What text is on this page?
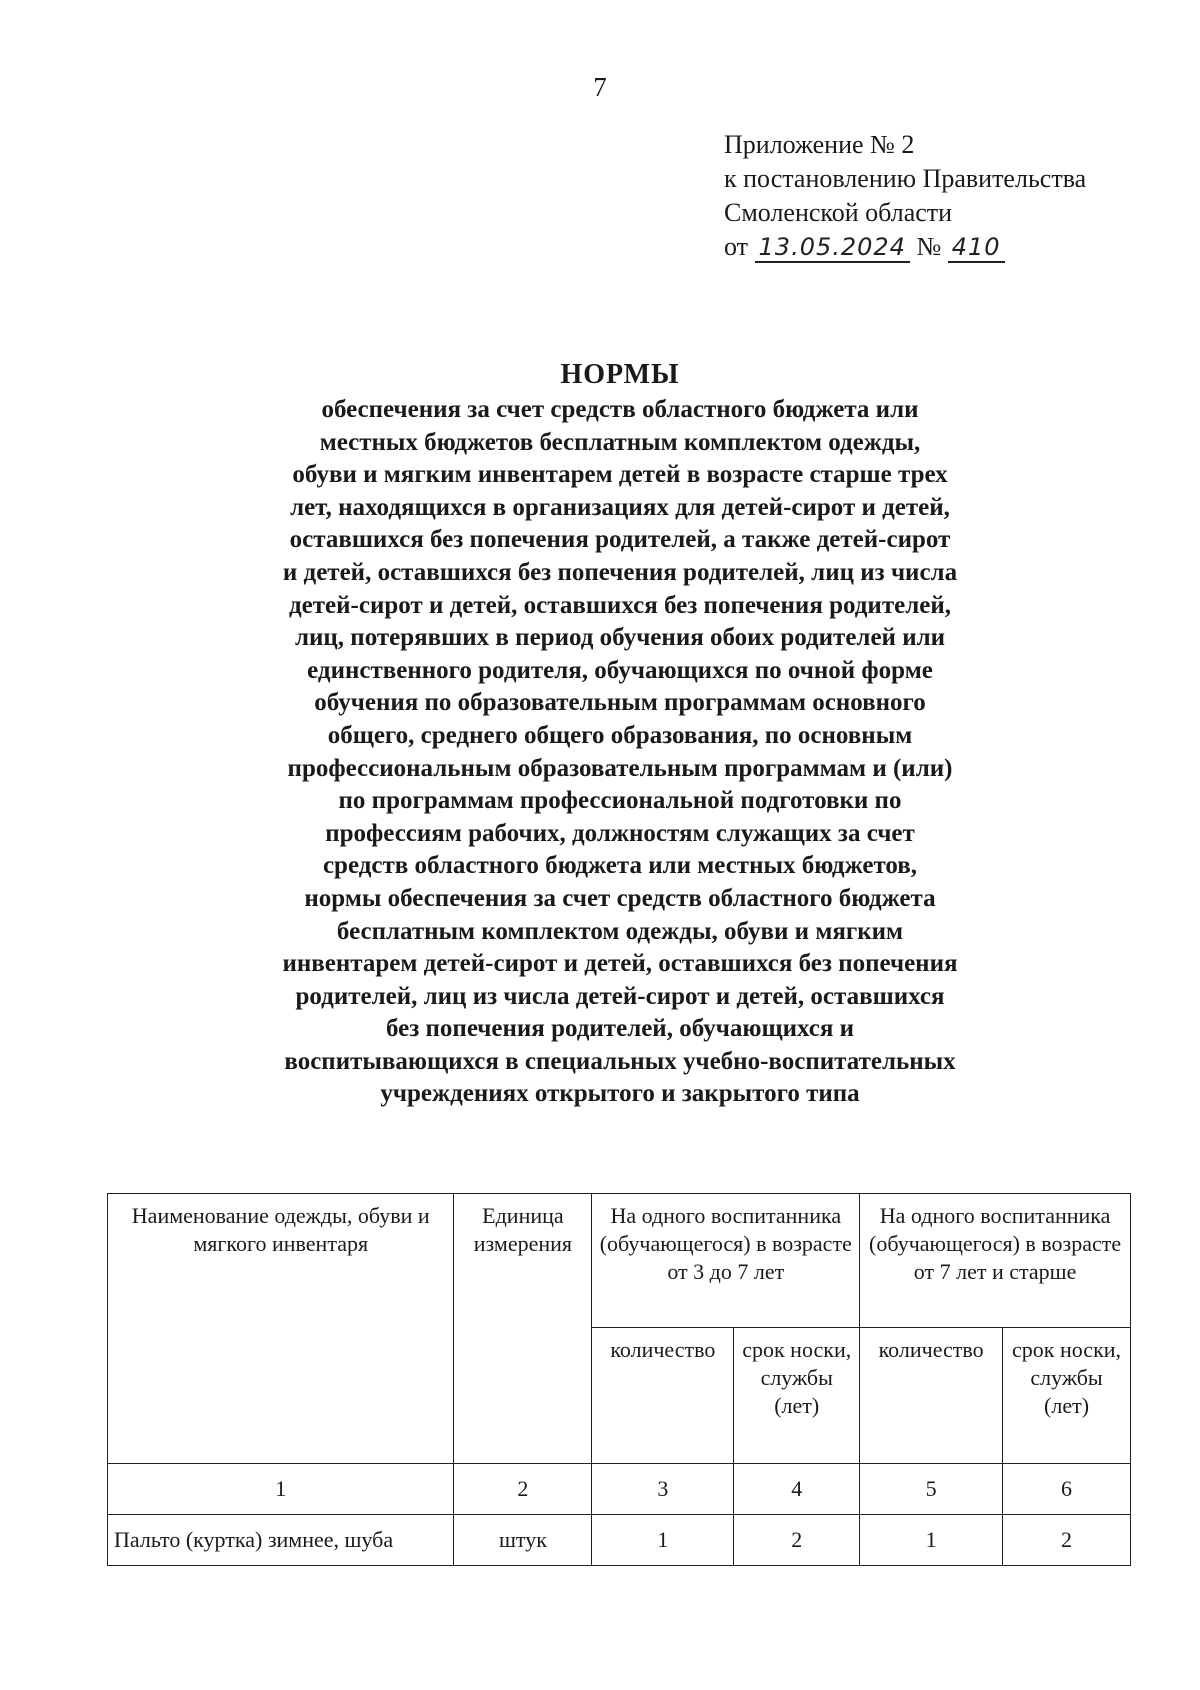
7
Приложение № 2
к постановлению Правительства
Смоленской области
от 13.05.2024 № 410
НОРМЫ
обеспечения за счет средств областного бюджета или
местных бюджетов бесплатным комплектом одежды,
обуви и мягким инвентарем детей в возрасте старше трех
лет, находящихся в организациях для детей-сирот и детей,
оставшихся без попечения родителей, а также детей-сирот
и детей, оставшихся без попечения родителей, лиц из числа
детей-сирот и детей, оставшихся без попечения родителей,
лиц, потерявших в период обучения обоих родителей или
единственного родителя, обучающихся по очной форме
обучения по образовательным программам основного
общего, среднего общего образования, по основным
профессиональным образовательным программам и (или)
по программам профессиональной подготовки по
профессиям рабочих, должностям служащих за счет
средств областного бюджета или местных бюджетов,
нормы обеспечения за счет средств областного бюджета
бесплатным комплектом одежды, обуви и мягким
инвентарем детей-сирот и детей, оставшихся без попечения
родителей, лиц из числа детей-сирот и детей, оставшихся
без попечения родителей, обучающихся и
воспитывающихся в специальных учебно-воспитательных
учреждениях открытого и закрытого типа
Наименование одежды, обуви и мягкого инвентаря	Единица измерения	На одного воспитанника (обучающегося) в возрасте от 3 до 7 лет		На одного воспитанника (обучающегося) в возрасте от 7 лет и старше	
		количество	срок носки, службы (лет)	количество	срок носки, службы (лет)
1	2	3	4	5	6
Пальто (куртка) зимнее, шуба	штук	1	2	1	2
